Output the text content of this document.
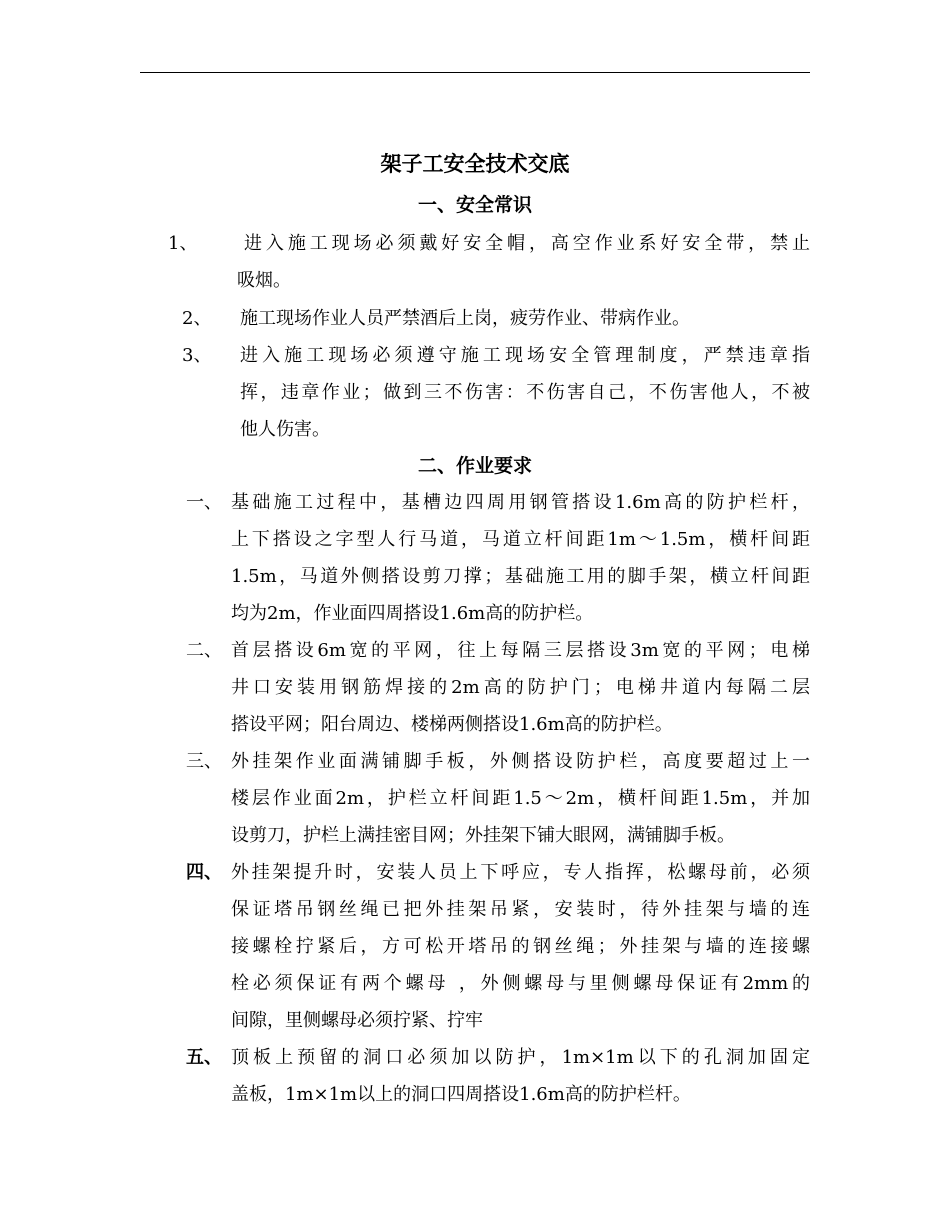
架子工安全技术交底
一、安全常识
1、	进入施工现场必须戴好安全帽，高空作业系好安全带，禁止
吸烟。
2、 施工现场作业人员严禁酒后上岗，疲劳作业、带病作业。
3、 进入施工现场必须遵守施工现场安全管理制度，严禁违章指
挥，违章作业；做到三不伤害：不伤害自己，不伤害他人，不被
他人伤害。
二、作业要求
一、 基础施工过程中，基槽边四周用钢管搭设1.6m高的防护栏杆，
上下搭设之字型人行马道，马道立杆间距1m～1.5m，横杆间距
1.5m，马道外侧搭设剪刀撑；基础施工用的脚手架，横立杆间距
均为2m，作业面四周搭设1.6m高的防护栏。
二、 首层搭设6m宽的平网，往上每隔三层搭设3m宽的平网；电梯
井口安装用钢筋焊接的2m高的防护门；电梯井道内每隔二层
搭设平网；阳台周边、楼梯两侧搭设1.6m高的防护栏。
三、 外挂架作业面满铺脚手板，外侧搭设防护栏，高度要超过上一
楼层作业面2m，护栏立杆间距1.5～2m，横杆间距1.5m，并加
设剪刀，护栏上满挂密目网；外挂架下铺大眼网，满铺脚手板。
四、 外挂架提升时，安装人员上下呼应，专人指挥，松螺母前，必须
保证塔吊钢丝绳已把外挂架吊紧，安装时，待外挂架与墙的连
接螺栓拧紧后，方可松开塔吊的钢丝绳；外挂架与墙的连接螺
栓必须保证有两个螺母 ，外侧螺母与里侧螺母保证有2mm的
间隙，里侧螺母必须拧紧、拧牢
五、 顶板上预留的洞口必须加以防护，1m×1m以下的孔洞加固定
盖板，1m×1m以上的洞口四周搭设1.6m高的防护栏杆。
